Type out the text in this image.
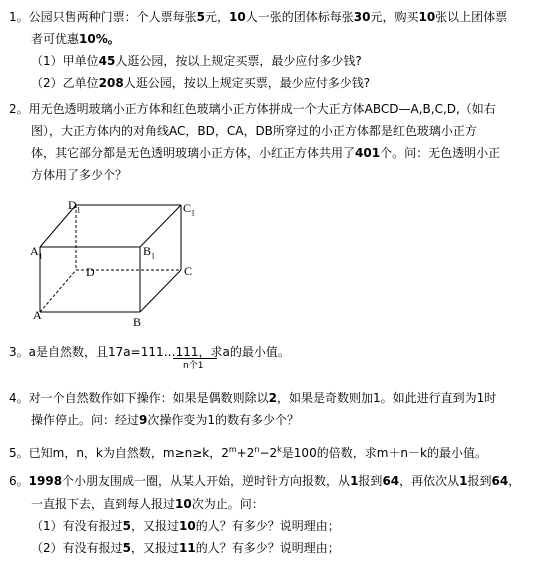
1。公园只售两种门票：个人票每张5元，10人一张的团体标每张30元，购买10张以上团体票
者可优惠10%。
（1）甲单位45人逛公园，按以上规定买票，最少应付多少钱?
（2）乙单位208人逛公园，按以上规定买票，最少应付多少钱?
2。用无色透明玻璃小正方体和红色玻璃小正方体拼成一个大正方体ABCD—A,B,C,D,（如右
图），大正方体内的对角线AC，BD，CA，DB所穿过的小正方体都是红色玻璃小正方
体，其它部分都是无色透明玻璃小正方体，小红正方体共用了401个。问：无色透明小正
方体用了多少个？
$D_1$	$C_1$
$A_1$	$B_1$
D	C
A	B
3。a是自然数，且17a=111…111，求a的最小值。
n个1
4。对一个自然数作如下操作：如果是偶数则除以2，如果是奇数则加1。如此进行直到为1时
操作停止。问：经过9次操作变为1的数有多少个？
5。已知m，n，k为自然数，m≥n≥k，$2^m+2^n-2^k$是100的倍数，求m＋n－k的最小值。
6。1998个小朋友围成一圈，从某人开始，逆时针方向报数，从1报到64，再依次从1报到64，
一直报下去，直到每人报过10次为止。问：
（1）有没有报过5，又报过10的人？有多少？说明理由；
（2）有没有报过5，又报过11的人？有多少？说明理由；
